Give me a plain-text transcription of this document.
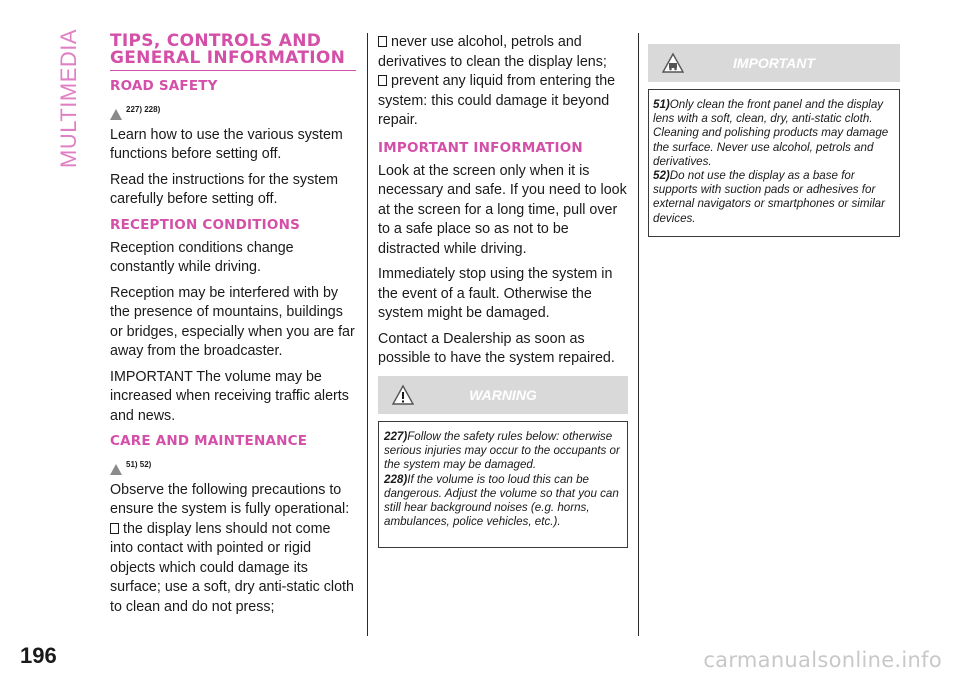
MULTIMEDIA
196	carmanualsonline.info
TIPS, CONTROLS AND GENERAL INFORMATION
ROAD SAFETY
227) 228)

Learn how to use the various system functions before setting off.

Read the instructions for the system carefully before setting off.

RECEPTION CONDITIONS

Reception conditions change constantly while driving.

Reception may be interfered with by the presence of mountains, buildings or bridges, especially when you are far away from the broadcaster.

IMPORTANT The volume may be increased when receiving traffic alerts and news.

CARE AND MAINTENANCE
51) 52)

Observe the following precautions to ensure the system is fully operational:

the display lens should not come into contact with pointed or rigid objects which could damage its surface; use a soft, dry anti-static cloth to clean and do not press;

never use alcohol, petrols and derivatives to clean the display lens;

prevent any liquid from entering the system: this could damage it beyond repair.

IMPORTANT INFORMATION

Look at the screen only when it is necessary and safe. If you need to look at the screen for a long time, pull over to a safe place so as not to be distracted while driving.

Immediately stop using the system in the event of a fault. Otherwise the system might be damaged.

Contact a Dealership as soon as possible to have the system repaired.

WARNING
227)Follow the safety rules below: otherwise serious injuries may occur to the occupants or the system may be damaged.
228)If the volume is too loud this can be dangerous. Adjust the volume so that you can still hear background noises (e.g. horns, ambulances, police vehicles, etc.).
IMPORTANT
51)Only clean the front panel and the display lens with a soft, clean, dry, anti-static cloth. Cleaning and polishing products may damage the surface. Never use alcohol, petrols and derivatives.
52)Do not use the display as a base for supports with suction pads or adhesives for external navigators or smartphones or similar devices.
